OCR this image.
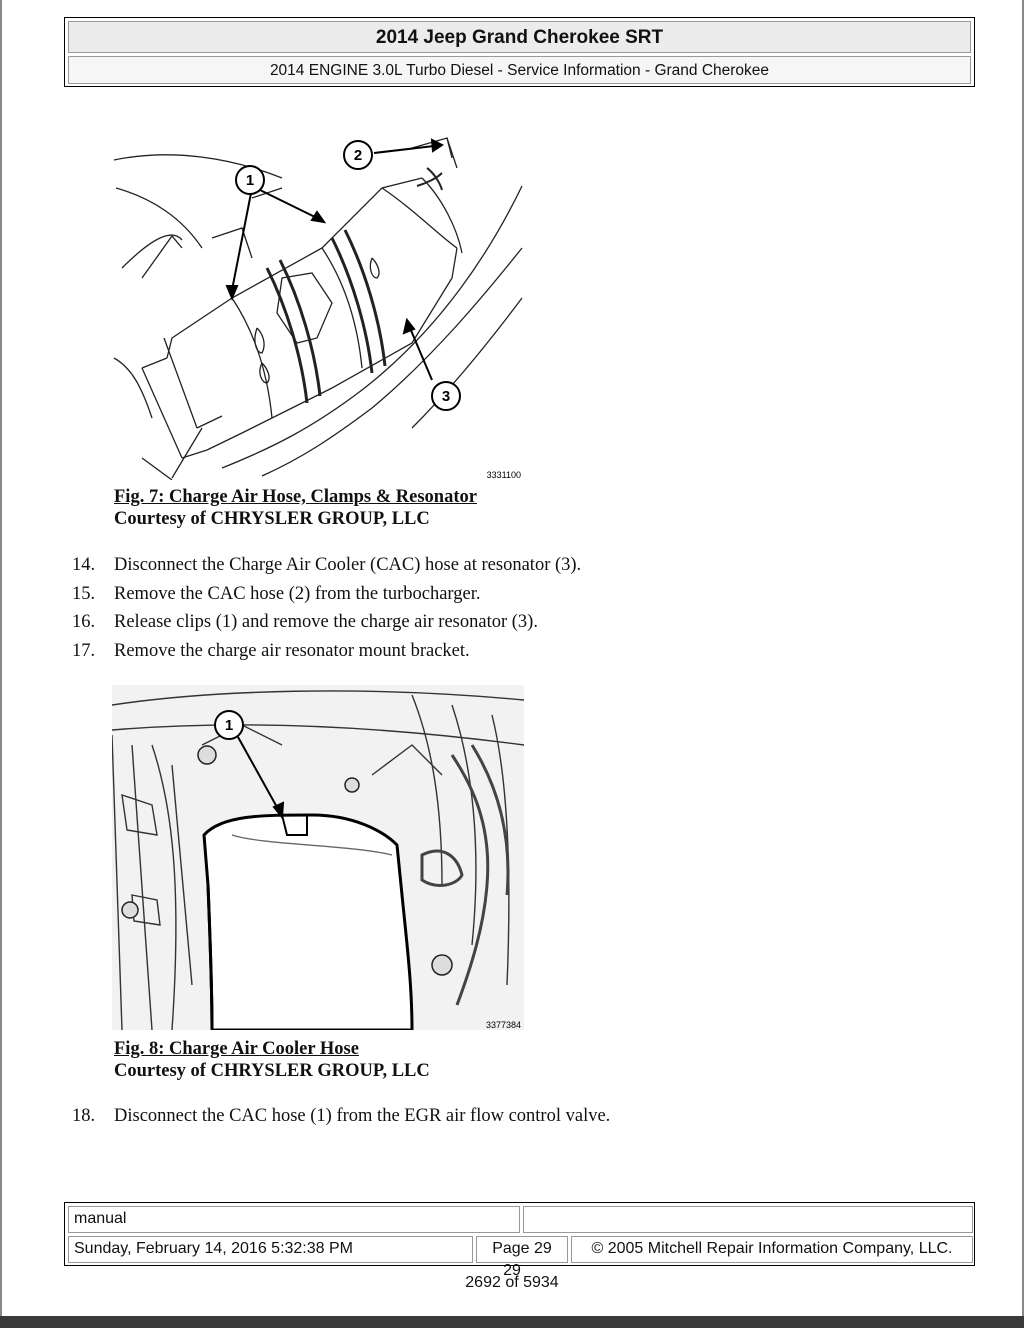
2014 Jeep Grand Cherokee SRT
2014 ENGINE 3.0L Turbo Diesel - Service Information - Grand Cherokee
1
2
3
3331100
Fig. 7: Charge Air Hose, Clamps & Resonator
Courtesy of CHRYSLER GROUP, LLC
14. Disconnect the Charge Air Cooler (CAC) hose at resonator (3).
15. Remove the CAC hose (2) from the turbocharger.
16. Release clips (1) and remove the charge air resonator (3).
17. Remove the charge air resonator mount bracket.
1
3377384
Fig. 8: Charge Air Cooler Hose
Courtesy of CHRYSLER GROUP, LLC
18. Disconnect the CAC hose (1) from the EGR air flow control valve.
manual
Sunday, February 14, 2016 5:32:38 PM	Page 29	© 2005 Mitchell Repair Information Company, LLC.
29
2692 of 5934
